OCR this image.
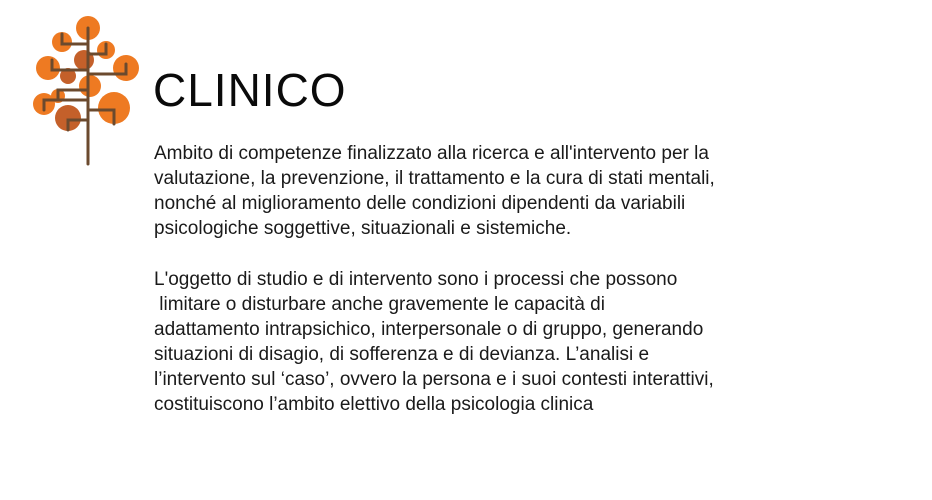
CLINICO
Ambito di competenze finalizzato alla ricerca e all'intervento per la
valutazione, la prevenzione, il trattamento e la cura di stati mentali,
nonché al miglioramento delle condizioni dipendenti da variabili
psicologiche soggettive, situazionali e sistemiche.
L'oggetto di studio e di intervento sono i processi che possono
limitare o disturbare anche gravemente le capacità di
adattamento intrapsichico, interpersonale o di gruppo, generando
situazioni di disagio, di sofferenza e di devianza. L’analisi e
l’intervento sul ‘caso’, ovvero la persona e i suoi contesti interattivi,
costituiscono l’ambito elettivo della psicologia clinica
